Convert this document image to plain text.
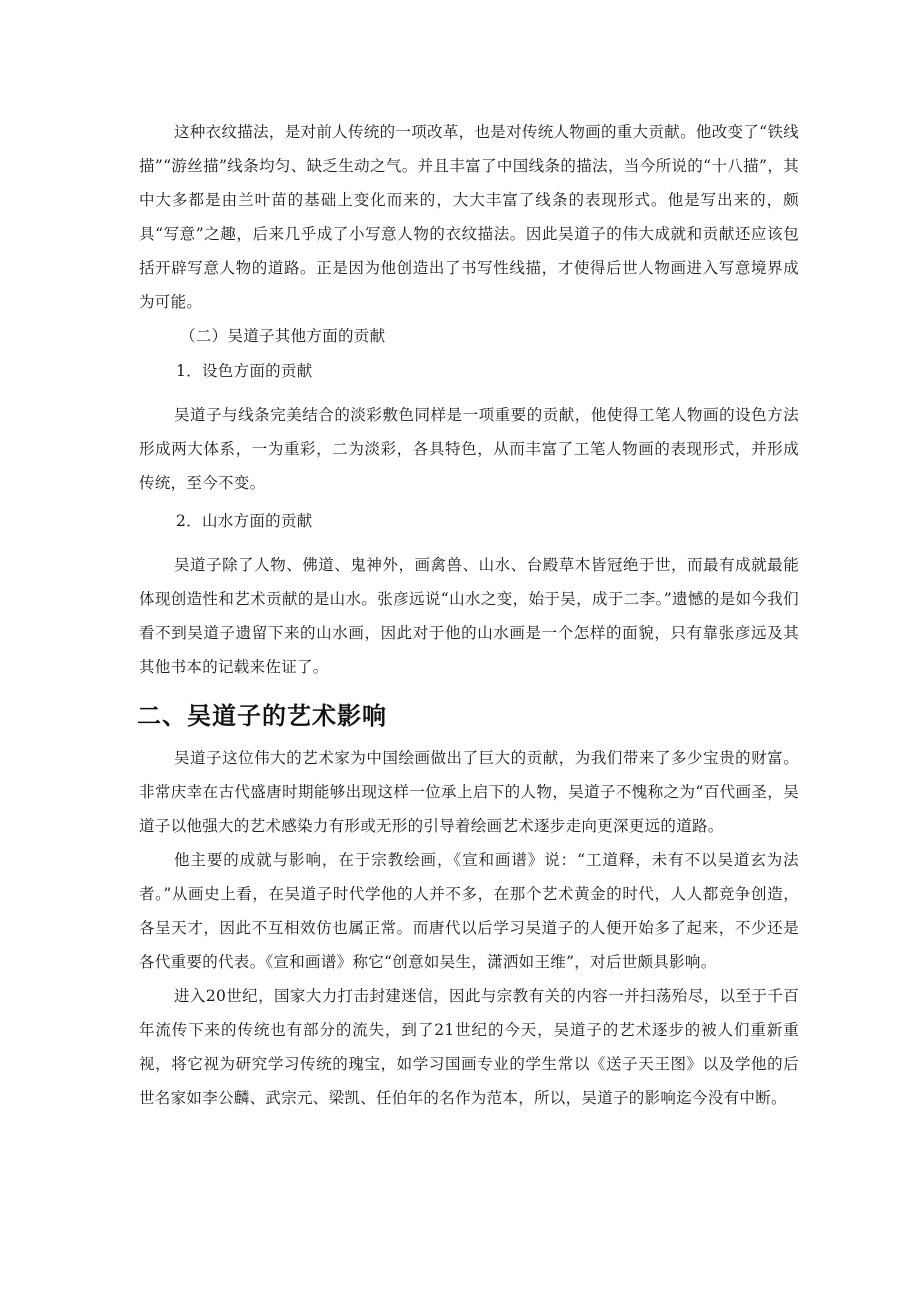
这种衣纹描法，是对前人传统的一项改革，也是对传统人物画的重大贡献。他改变了“铁线描”“游丝描”线条均匀、缺乏生动之气。并且丰富了中国线条的描法，当今所说的“十八描”，其中大多都是由兰叶苗的基础上变化而来的，大大丰富了线条的表现形式。他是写出来的，颇具“写意”之趣，后来几乎成了小写意人物的衣纹描法。因此吴道子的伟大成就和贡献还应该包括开辟写意人物的道路。正是因为他创造出了书写性线描，才使得后世人物画进入写意境界成为可能。

（二）吴道子其他方面的贡献

1．设色方面的贡献

吴道子与线条完美结合的淡彩敷色同样是一项重要的贡献，他使得工笔人物画的设色方法形成两大体系，一为重彩，二为淡彩，各具特色，从而丰富了工笔人物画的表现形式，并形成传统，至今不变。

2．山水方面的贡献

吴道子除了人物、佛道、鬼神外，画禽兽、山水、台殿草木皆冠绝于世，而最有成就最能体现创造性和艺术贡献的是山水。张彦远说“山水之变，始于吴，成于二李。”遗憾的是如今我们看不到吴道子遗留下来的山水画，因此对于他的山水画是一个怎样的面貌，只有靠张彦远及其其他书本的记载来佐证了。

二、吴道子的艺术影响

吴道子这位伟大的艺术家为中国绘画做出了巨大的贡献，为我们带来了多少宝贵的财富。非常庆幸在古代盛唐时期能够出现这样一位承上启下的人物，吴道子不愧称之为“百代画圣，吴道子以他强大的艺术感染力有形或无形的引导着绘画艺术逐步走向更深更远的道路。

他主要的成就与影响，在于宗教绘画，《宣和画谱》说：“工道释，未有不以吴道玄为法者。”从画史上看，在吴道子时代学他的人并不多，在那个艺术黄金的时代，人人都竞争创造，各呈天才，因此不互相效仿也属正常。而唐代以后学习吴道子的人便开始多了起来，不少还是各代重要的代表。《宣和画谱》称它“创意如吴生，潇洒如王维”，对后世颇具影响。

进入20世纪，国家大力打击封建迷信，因此与宗教有关的内容一并扫荡殆尽，以至于千百年流传下来的传统也有部分的流失，到了21世纪的今天，吴道子的艺术逐步的被人们重新重视，将它视为研究学习传统的瑰宝，如学习国画专业的学生常以《送子天王图》以及学他的后世名家如李公麟、武宗元、梁凯、任伯年的名作为范本，所以，吴道子的影响迄今没有中断。
